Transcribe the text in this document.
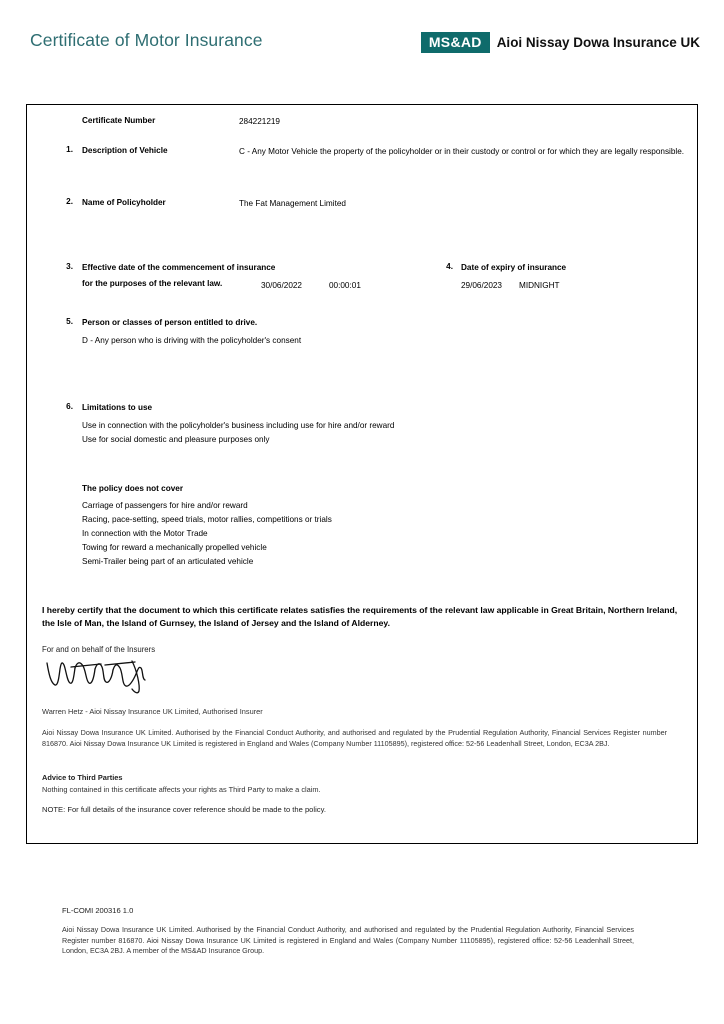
Certificate of Motor Insurance	MS&AD	Aioi Nissay Dowa Insurance UK
Certificate Number	284221219
1. Description of Vehicle	C - Any Motor Vehicle the property of the policyholder or in their custody or control or for which they are legally responsible.
2. Name of Policyholder	The Fat Management Limited
3. Effective date of the commencement of insurance
for the purposes of the relevant law.	30/06/2022	00:00:01
4. Date of expiry of insurance
29/06/2023 MIDNIGHT
5. Person or classes of person entitled to drive.
D - Any person who is driving with the policyholder's consent
6. Limitations to use
Use in connection with the policyholder's business including use for hire and/or reward
Use for social domestic and pleasure purposes only
The policy does not cover
Carriage of passengers for hire and/or reward
Racing, pace-setting, speed trials, motor rallies, competitions or trials
In connection with the Motor Trade
Towing for reward a mechanically propelled vehicle
Semi-Trailer being part of an articulated vehicle
I hereby certify that the document to which this certificate relates satisfies the requirements of the relevant law applicable in Great Britain, Northern Ireland, the Isle of Man, the Island of Gurnsey, the Island of Jersey and the Island of Alderney.
For and on behalf of the Insurers
Warren Hetz - Aioi Nissay Insurance UK Limited, Authorised Insurer
Aioi Nissay Dowa Insurance UK Limited. Authorised by the Financial Conduct Authority, and authorised and regulated by the Prudential Regulation Authority, Financial Services Register number 816870. Aioi Nissay Dowa Insurance UK Limited is registered in England and Wales (Company Number 11105895), registered office: 52-56 Leadenhall Street, London, EC3A 2BJ.
Advice to Third Parties
Nothing contained in this certificate affects your rights as Third Party to make a claim.
NOTE: For full details of the insurance cover reference should be made to the policy.
FL-COMI 200316 1.0
Aioi Nissay Dowa Insurance UK Limited. Authorised by the Financial Conduct Authority, and authorised and regulated by the Prudential Regulation Authority, Financial Services Register number 816870. Aioi Nissay Dowa Insurance UK Limited is registered in England and Wales (Company Number 11105895), registered office: 52-56 Leadenhall Street, London, EC3A 2BJ. A member of the MS&AD Insurance Group.
